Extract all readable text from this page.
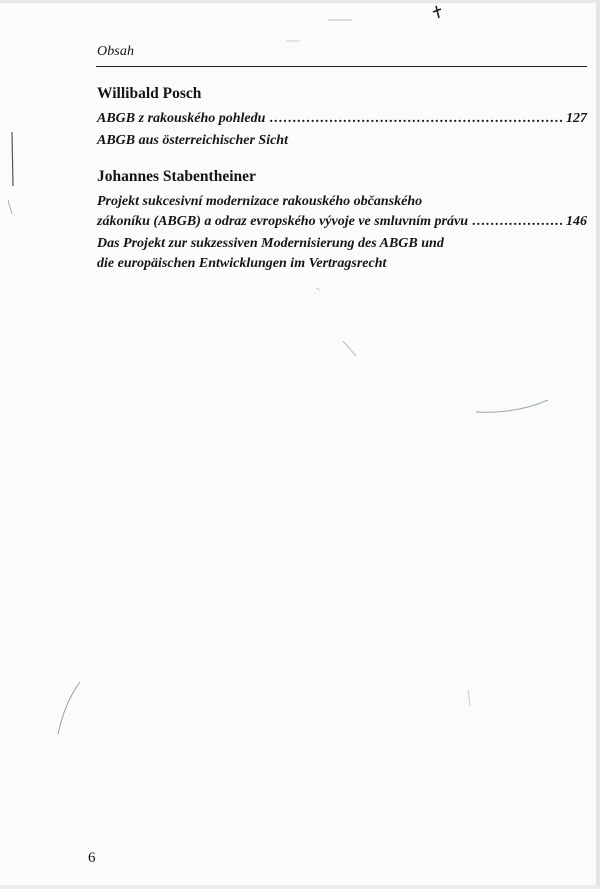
Obsah
Willibald Posch
ABGB z rakouského pohledu . . .	127
ABGB aus österreichischer Sicht
Johannes Stabentheiner
Projekt sukcesivní modernizace rakouského občanského
zákoníku (ABGB) a odraz evropského vývoje ve smluvním právu . . .	146
Das Projekt zur sukzessiven Modernisierung des ABGB und
die europäischen Entwicklungen im Vertragsrecht
6
